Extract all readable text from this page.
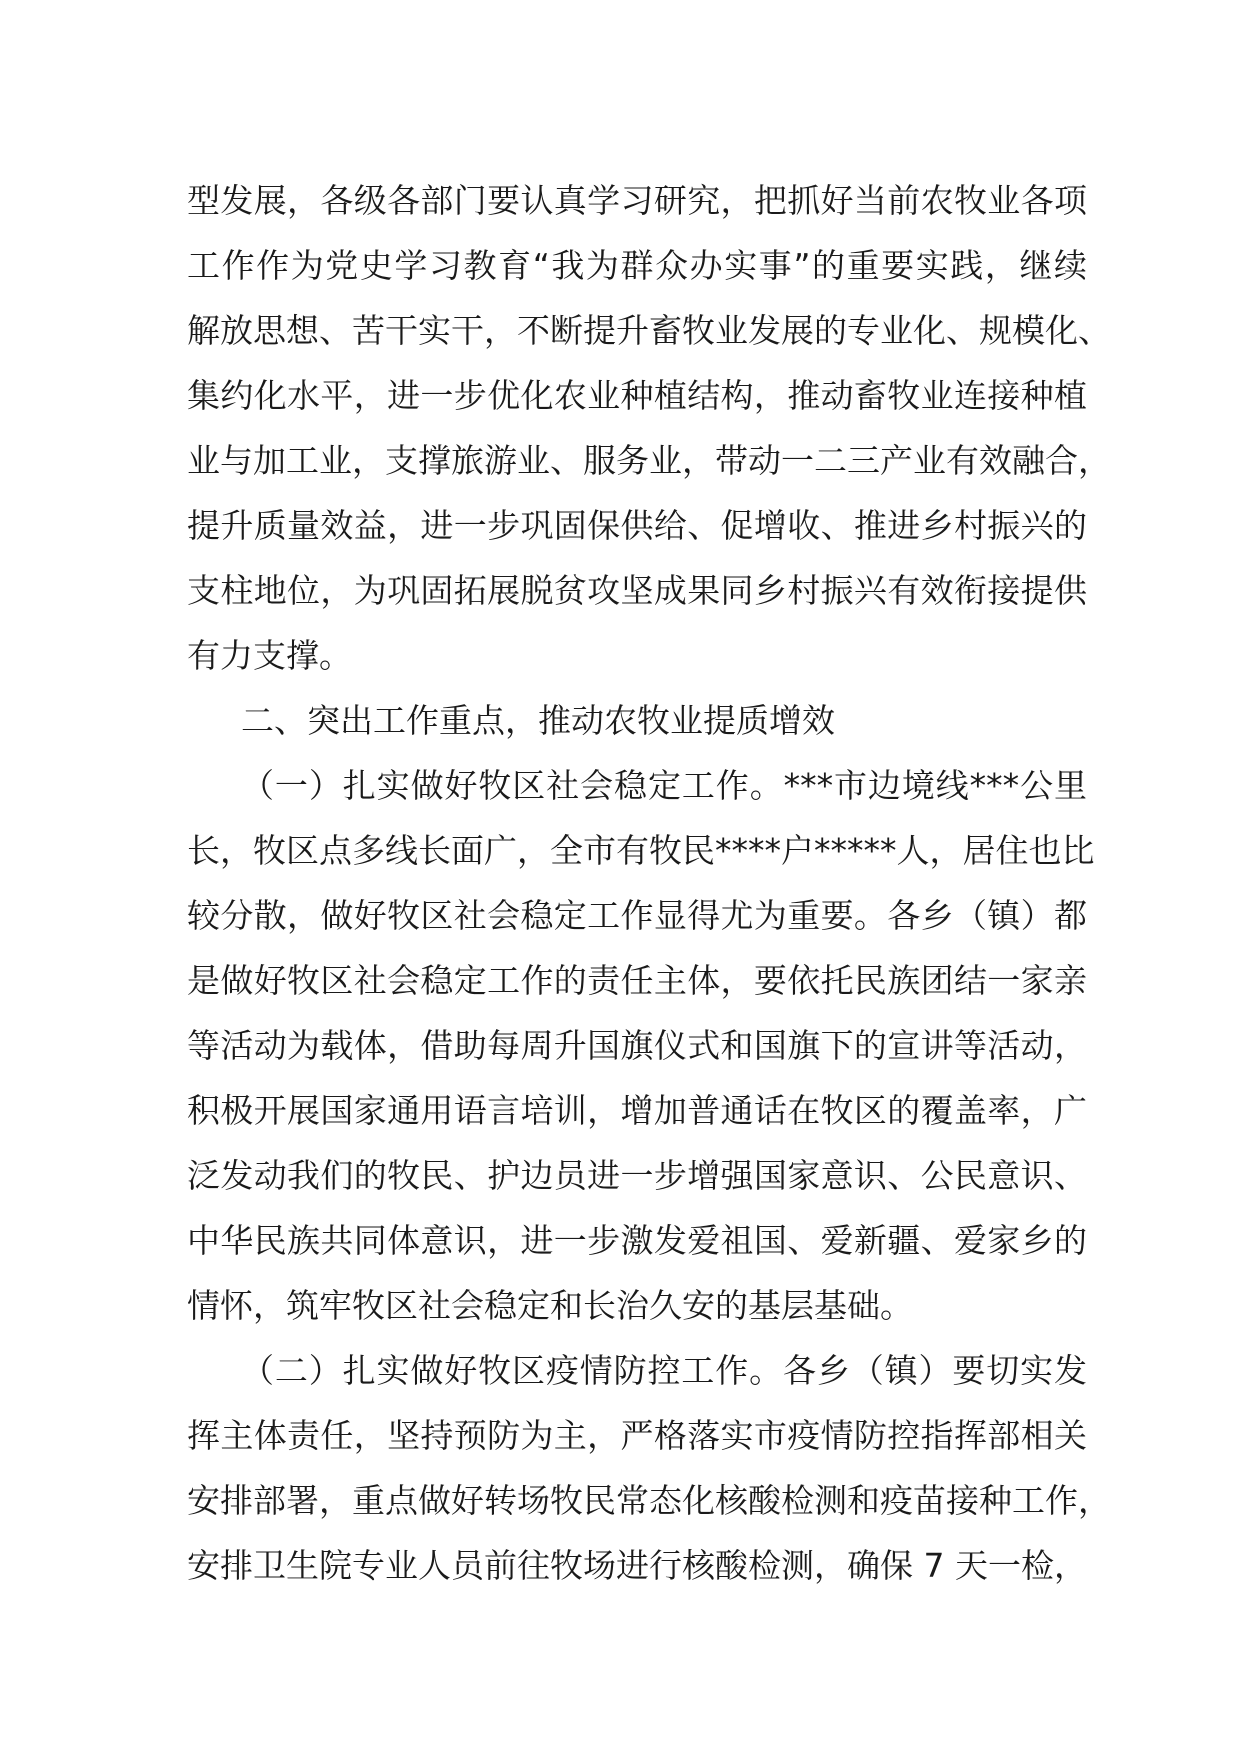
型发展，各级各部门要认真学习研究，把抓好当前农牧业各项
工作作为党史学习教育“我为群众办实事”的重要实践，继续
解放思想、苦干实干，不断提升畜牧业发展的专业化、规模化、
集约化水平，进一步优化农业种植结构，推动畜牧业连接种植
业与加工业，支撑旅游业、服务业，带动一二三产业有效融合，
提升质量效益，进一步巩固保供给、促增收、推进乡村振兴的
支柱地位，为巩固拓展脱贫攻坚成果同乡村振兴有效衔接提供
有力支撑。
二、突出工作重点，推动农牧业提质增效
（一）扎实做好牧区社会稳定工作。***市边境线***公里
长，牧区点多线长面广，全市有牧民****户*****人，居住也比
较分散，做好牧区社会稳定工作显得尤为重要。各乡（镇）都
是做好牧区社会稳定工作的责任主体，要依托民族团结一家亲
等活动为载体，借助每周升国旗仪式和国旗下的宣讲等活动，
积极开展国家通用语言培训，增加普通话在牧区的覆盖率，广
泛发动我们的牧民、护边员进一步增强国家意识、公民意识、
中华民族共同体意识，进一步激发爱祖国、爱新疆、爱家乡的
情怀，筑牢牧区社会稳定和长治久安的基层基础。
（二）扎实做好牧区疫情防控工作。各乡（镇）要切实发
挥主体责任，坚持预防为主，严格落实市疫情防控指挥部相关
安排部署，重点做好转场牧民常态化核酸检测和疫苗接种工作，
安排卫生院专业人员前往牧场进行核酸检测，确保 7 天一检，
